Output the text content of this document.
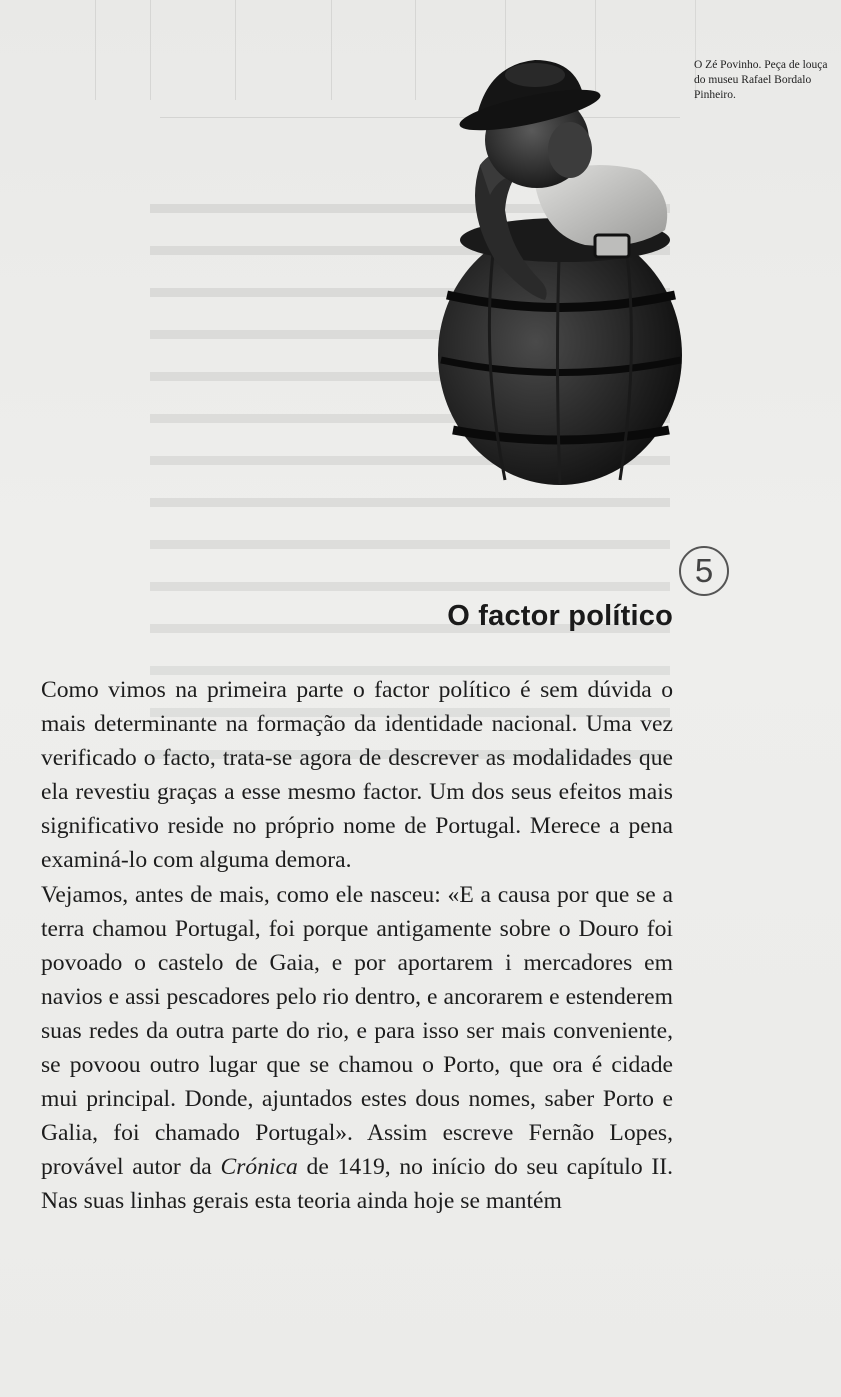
O Zé Povinho. Peça de louça do museu Rafael Bordalo Pinheiro.
5
O factor político

Como vimos na primeira parte o factor político é sem dúvida o mais determinante na formação da identidade nacional. Uma vez verificado o facto, trata-se agora de descrever as modalidades que ela revestiu graças a esse mesmo factor. Um dos seus efeitos mais significativo reside no próprio nome de Portugal. Merece a pena examiná-lo com alguma demora.

Vejamos, antes de mais, como ele nasceu: «E a causa por que se a terra chamou Portugal, foi porque antigamente sobre o Douro foi povoado o castelo de Gaia, e por aportarem i mercadores em navios e assi pescadores pelo rio dentro, e ancorarem e estenderem suas redes da outra parte do rio, e para isso ser mais conveniente, se povoou outro lugar que se chamou o Porto, que ora é cidade mui principal. Donde, ajuntados estes dous nomes, saber Porto e Galia, foi chamado Portugal». Assim escreve Fernão Lopes, provável autor da Crónica de 1419, no início do seu capítulo II. Nas suas linhas gerais esta teoria ainda hoje se mantém
